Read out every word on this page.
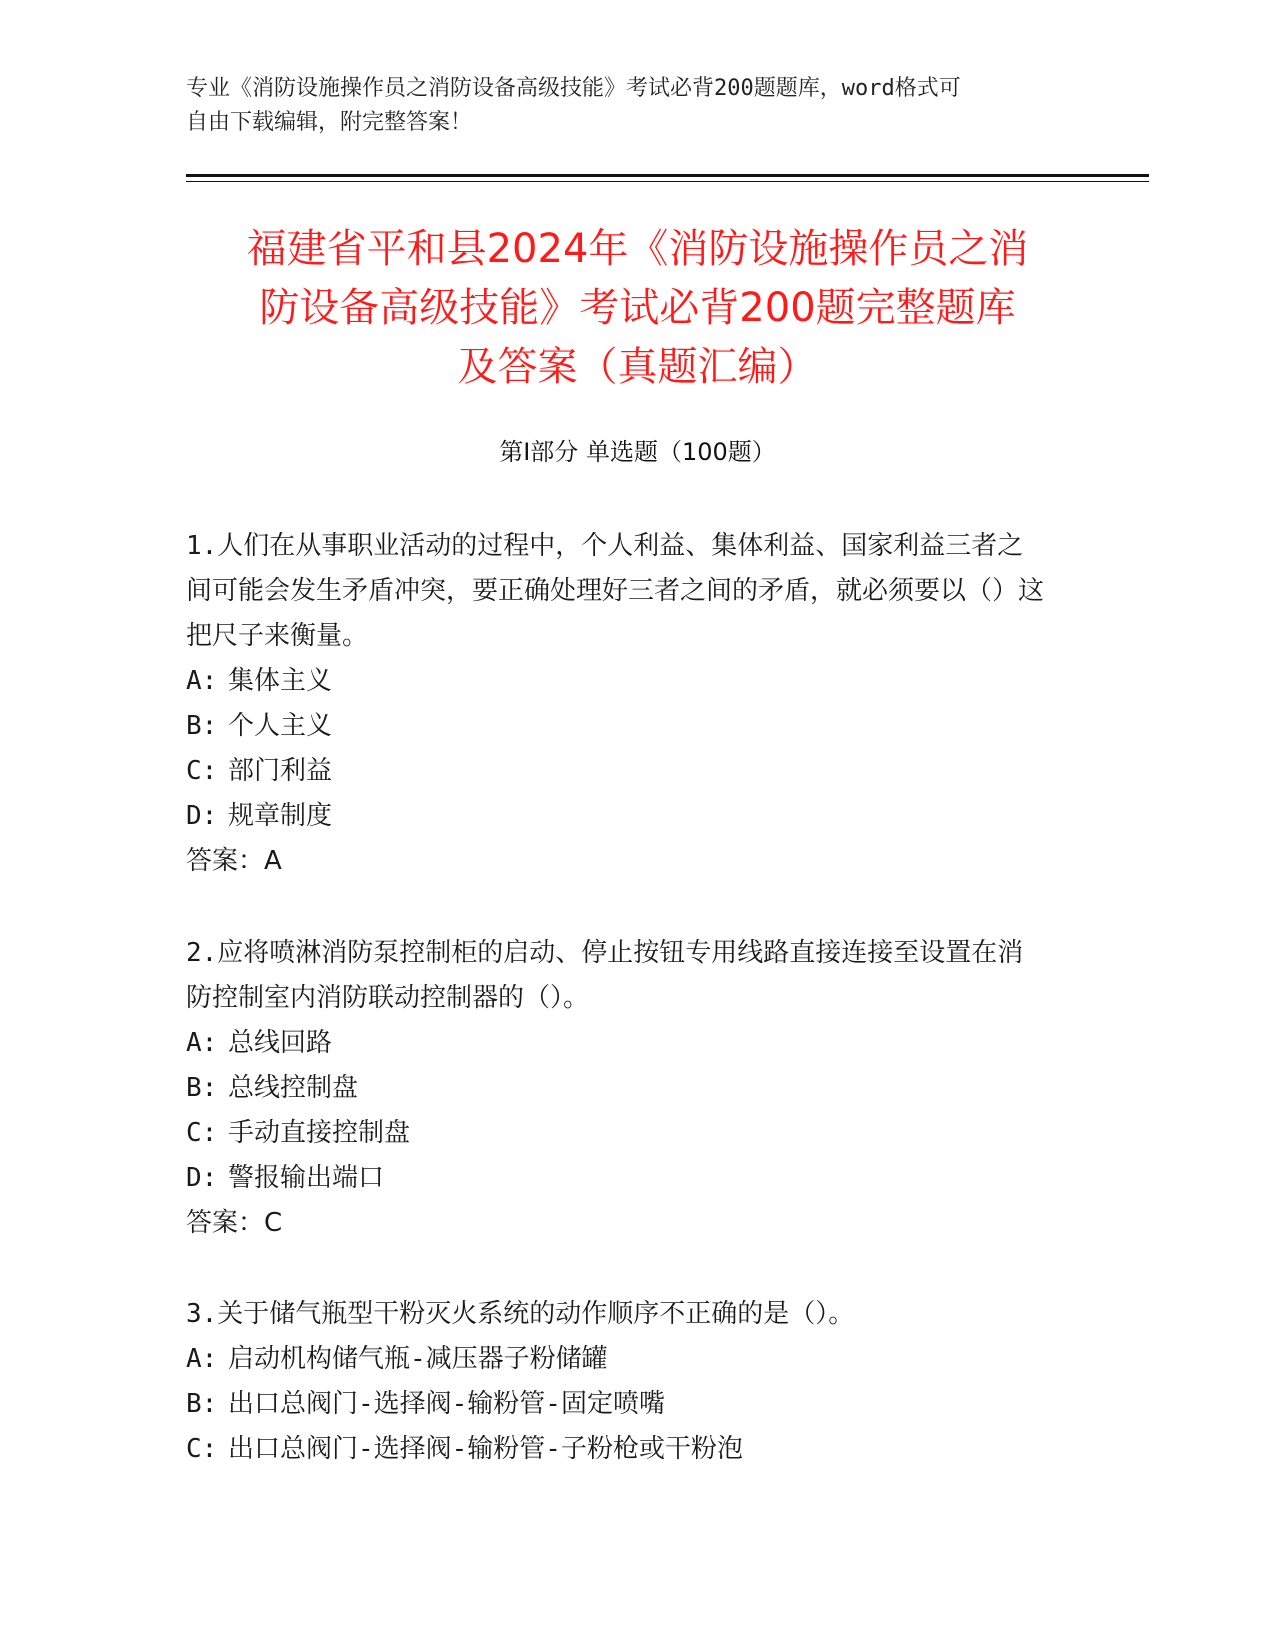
专业《消防设施操作员之消防设备高级技能》考试必背200题题库，word格式可

自由下载编辑，附完整答案！

福建省平和县2024年《消防设施操作员之消
防设备高级技能》考试必背200题完整题库
及答案（真题汇编）
第Ⅰ部分 单选题（100题）

1.人们在从事职业活动的过程中，个人利益、集体利益、国家利益三者之间可能会发生矛盾冲突，要正确处理好三者之间的矛盾，就必须要以（）这把尺子来衡量。

A: 集体主义

B: 个人主义

C: 部门利益

D: 规章制度

答案：A

2.应将喷淋消防泵控制柜的启动、停止按钮专用线路直接连接至设置在消防控制室内消防联动控制器的（）。

A: 总线回路

B: 总线控制盘

C: 手动直接控制盘

D: 警报输出端口

答案：C

3.关于储气瓶型干粉灭火系统的动作顺序不正确的是（）。

A: 启动机构储气瓶-减压器子粉储罐

B: 出口总阀门-选择阀-输粉管-固定喷嘴

C: 出口总阀门-选择阀-输粉管-子粉枪或干粉泡
